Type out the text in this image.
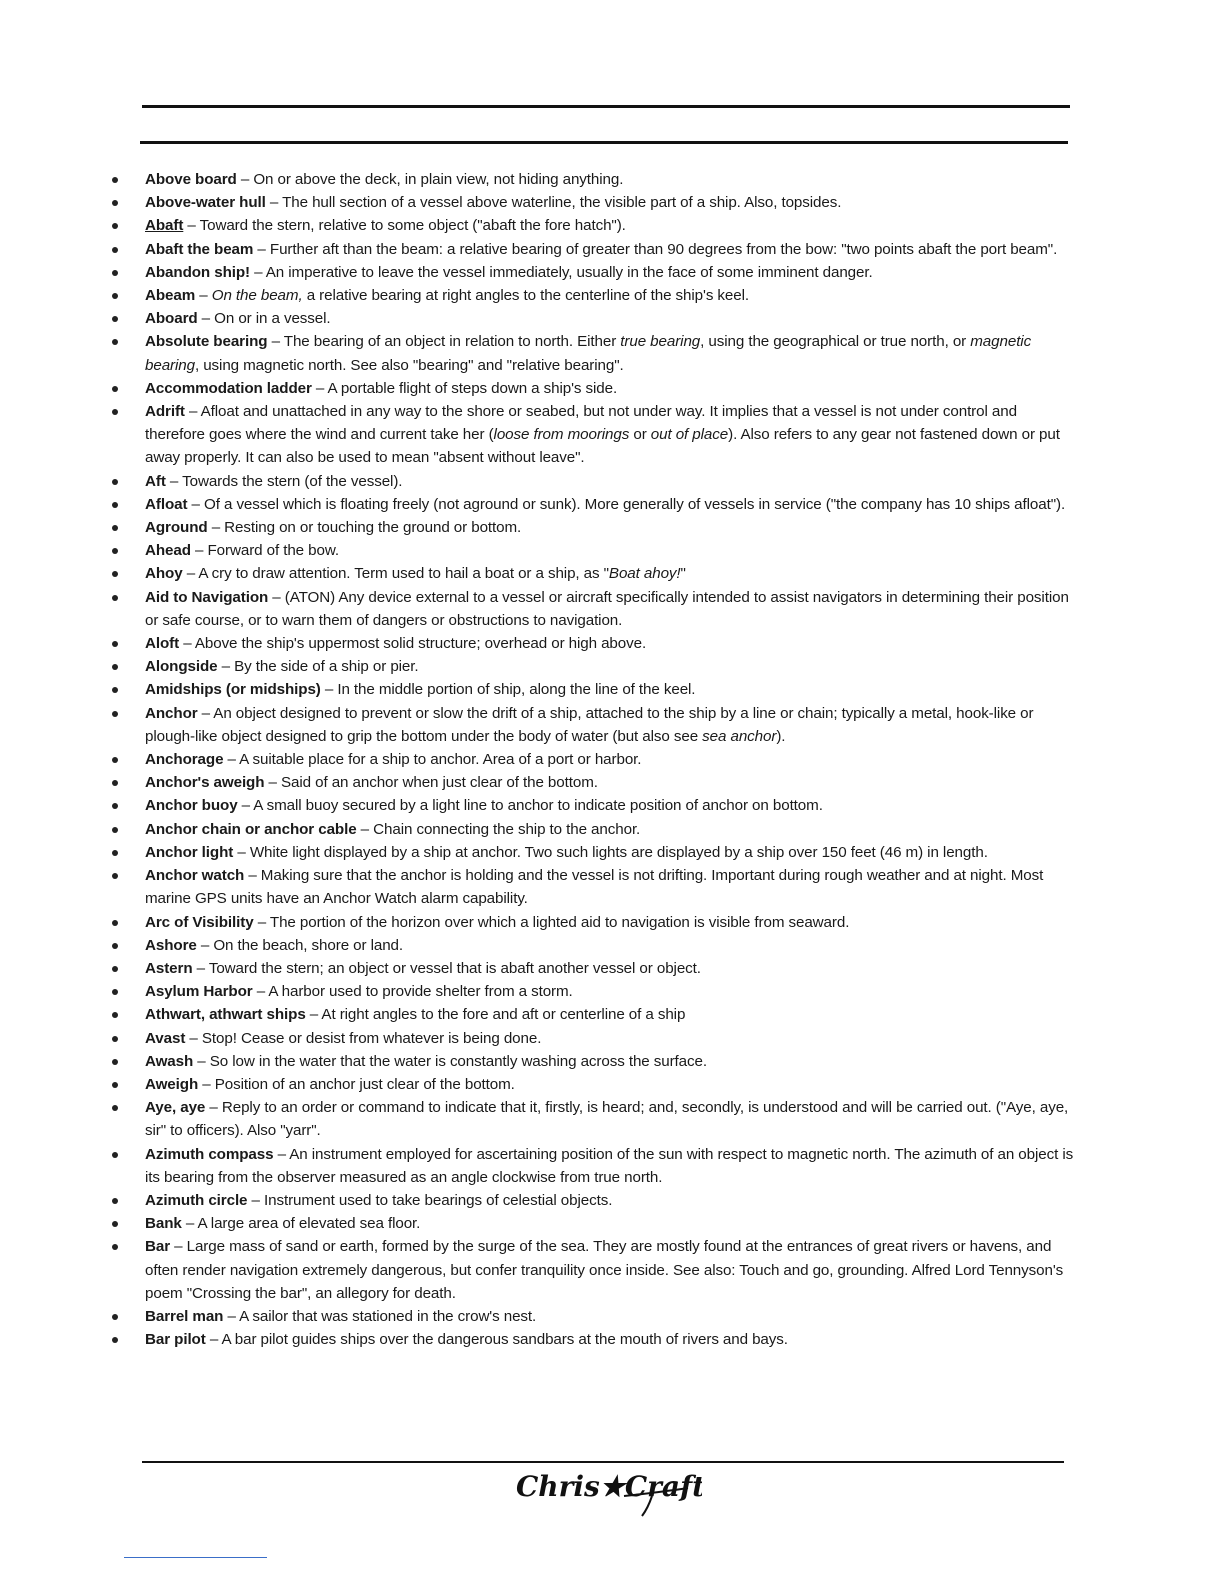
Above board – On or above the deck, in plain view, not hiding anything.
Above-water hull – The hull section of a vessel above waterline, the visible part of a ship. Also, topsides.
Abaft – Toward the stern, relative to some object ("abaft the fore hatch").
Abaft the beam – Further aft than the beam: a relative bearing of greater than 90 degrees from the bow: "two points abaft the port beam".
Abandon ship! – An imperative to leave the vessel immediately, usually in the face of some imminent danger.
Abeam – On the beam, a relative bearing at right angles to the centerline of the ship's keel.
Aboard – On or in a vessel.
Absolute bearing – The bearing of an object in relation to north. Either true bearing, using the geographical or true north, or magnetic bearing, using magnetic north. See also "bearing" and "relative bearing".
Accommodation ladder – A portable flight of steps down a ship's side.
Adrift – Afloat and unattached in any way to the shore or seabed, but not under way. It implies that a vessel is not under control and therefore goes where the wind and current take her (loose from moorings or out of place). Also refers to any gear not fastened down or put away properly. It can also be used to mean "absent without leave".
Aft – Towards the stern (of the vessel).
Afloat – Of a vessel which is floating freely (not aground or sunk). More generally of vessels in service ("the company has 10 ships afloat").
Aground – Resting on or touching the ground or bottom.
Ahead – Forward of the bow.
Ahoy – A cry to draw attention. Term used to hail a boat or a ship, as "Boat ahoy!"
Aid to Navigation – (ATON) Any device external to a vessel or aircraft specifically intended to assist navigators in determining their position or safe course, or to warn them of dangers or obstructions to navigation.
Aloft – Above the ship's uppermost solid structure; overhead or high above.
Alongside – By the side of a ship or pier.
Amidships (or midships) – In the middle portion of ship, along the line of the keel.
Anchor – An object designed to prevent or slow the drift of a ship, attached to the ship by a line or chain; typically a metal, hook-like or plough-like object designed to grip the bottom under the body of water (but also see sea anchor).
Anchorage – A suitable place for a ship to anchor. Area of a port or harbor.
Anchor's aweigh – Said of an anchor when just clear of the bottom.
Anchor buoy – A small buoy secured by a light line to anchor to indicate position of anchor on bottom.
Anchor chain or anchor cable – Chain connecting the ship to the anchor.
Anchor light – White light displayed by a ship at anchor. Two such lights are displayed by a ship over 150 feet (46 m) in length.
Anchor watch – Making sure that the anchor is holding and the vessel is not drifting. Important during rough weather and at night. Most marine GPS units have an Anchor Watch alarm capability.
Arc of Visibility – The portion of the horizon over which a lighted aid to navigation is visible from seaward.
Ashore – On the beach, shore or land.
Astern – Toward the stern; an object or vessel that is abaft another vessel or object.
Asylum Harbor – A harbor used to provide shelter from a storm.
Athwart, athwart ships – At right angles to the fore and aft or centerline of a ship
Avast – Stop! Cease or desist from whatever is being done.
Awash – So low in the water that the water is constantly washing across the surface.
Aweigh – Position of an anchor just clear of the bottom.
Aye, aye – Reply to an order or command to indicate that it, firstly, is heard; and, secondly, is understood and will be carried out. ("Aye, aye, sir" to officers). Also "yarr".
Azimuth compass – An instrument employed for ascertaining position of the sun with respect to magnetic north. The azimuth of an object is its bearing from the observer measured as an angle clockwise from true north.
Azimuth circle – Instrument used to take bearings of celestial objects.
Bank – A large area of elevated sea floor.
Bar – Large mass of sand or earth, formed by the surge of the sea. They are mostly found at the entrances of great rivers or havens, and often render navigation extremely dangerous, but confer tranquility once inside. See also: Touch and go, grounding. Alfred Lord Tennyson's poem "Crossing the bar", an allegory for death.
Barrel man – A sailor that was stationed in the crow's nest.
Bar pilot – A bar pilot guides ships over the dangerous sandbars at the mouth of rivers and bays.
Chris★Craft
